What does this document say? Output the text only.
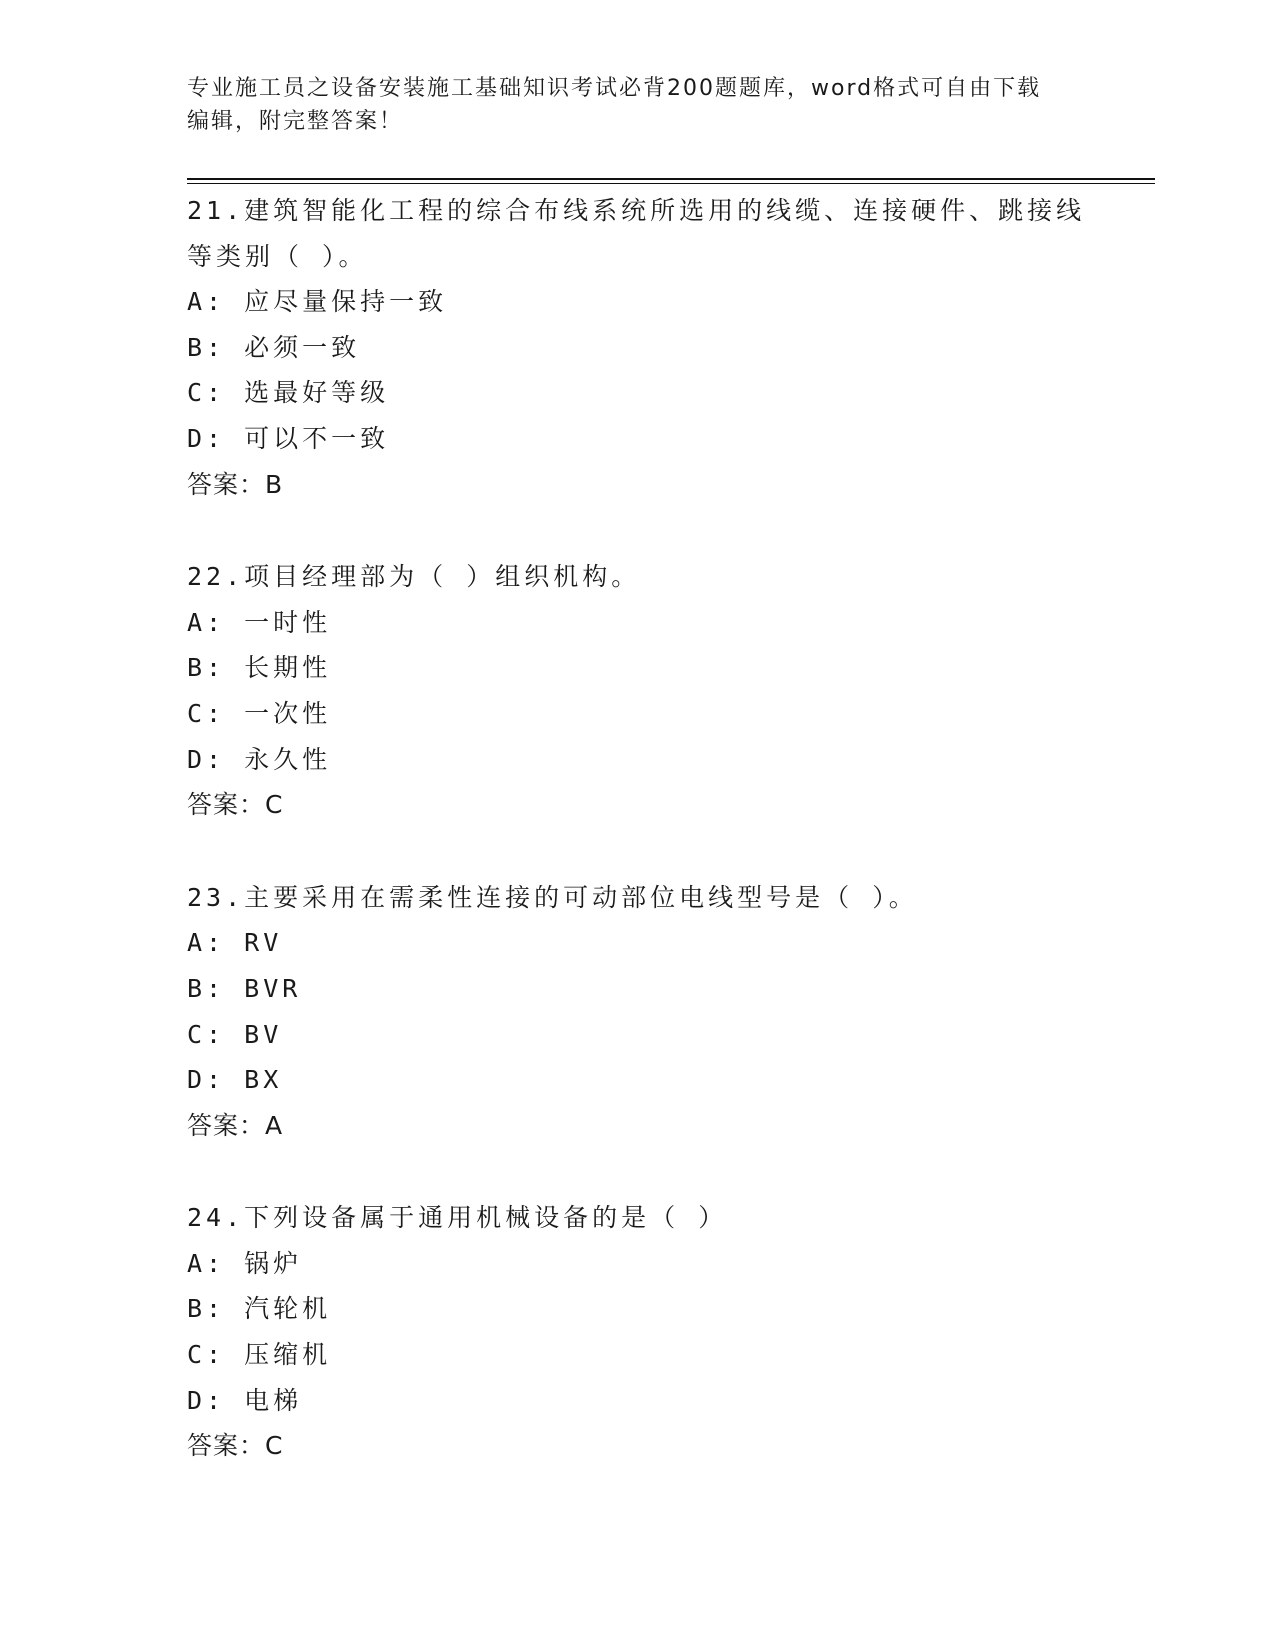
专业施工员之设备安装施工基础知识考试必背200题题库，word格式可自由下载
编辑，附完整答案！
21.建筑智能化工程的综合布线系统所选用的线缆、连接硬件、跳接线
等类别（ ）。
A: 应尽量保持一致
B: 必须一致
C: 选最好等级
D: 可以不一致
答案：B
22.项目经理部为（ ）组织机构。
A: 一时性
B: 长期性
C: 一次性
D: 永久性
答案：C
23.主要采用在需柔性连接的可动部位电线型号是（ ）。
A: RV
B: BVR
C: BV
D: BX
答案：A
24.下列设备属于通用机械设备的是（ ）
A: 锅炉
B: 汽轮机
C: 压缩机
D: 电梯
答案：C
